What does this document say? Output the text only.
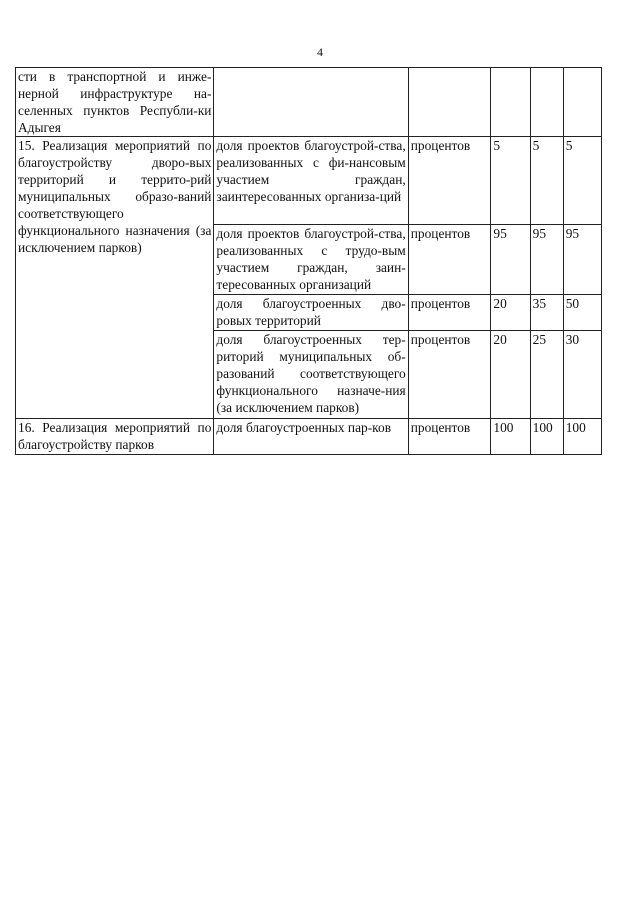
4
сти в транспортной и инже-нерной инфраструктуре на-селенных пунктов Республи-ки Адыгея					
15. Реализация мероприятий по благоустройству дворо-вых территорий и террито-рий муниципальных образо-ваний соответствующего функционального назначения (за исключением парков)	доля проектов благоустрой-ства, реализованных с фи-нансовым участием граждан, заинтересованных организа-ций	процентов	5	5	5
	доля проектов благоустрой-ства, реализованных с трудо-вым участием граждан, заин-тересованных организаций	процентов	95	95	95
	доля благоустроенных дво-ровых территорий	процентов	20	35	50
	доля благоустроенных тер-риторий муниципальных об-разований соответствующего функционального назначе-ния (за исключением парков)	процентов	20	25	30
16. Реализация мероприятий по благоустройству парков	доля благоустроенных пар-ков	процентов	100	100	100
